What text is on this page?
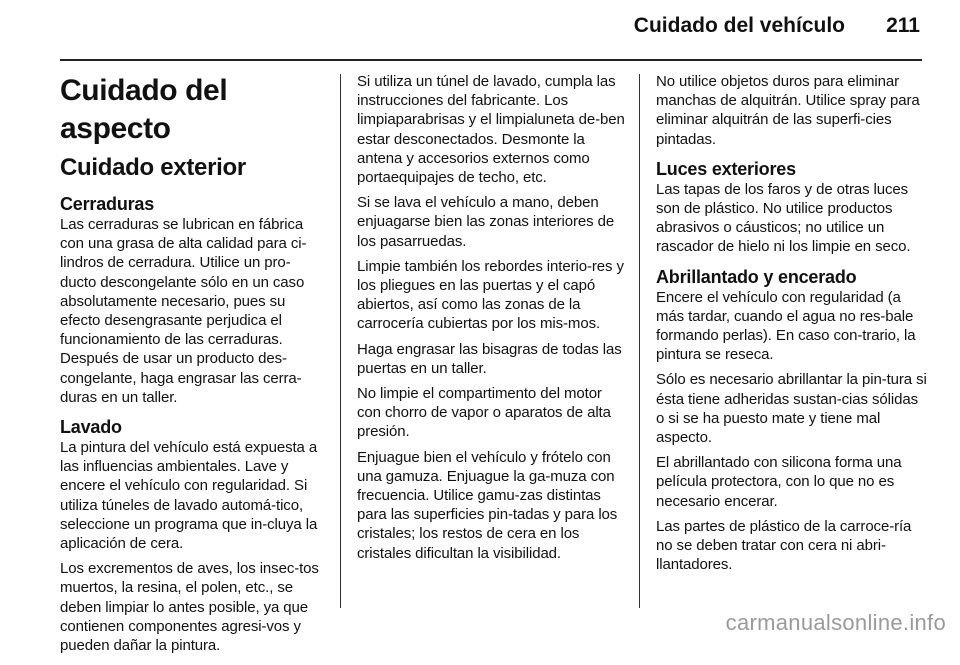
Cuidado del vehículo 211
Cuidado del aspecto
Cuidado exterior
Cerraduras

Las cerraduras se lubrican en fábrica con una grasa de alta calidad para ci-lindros de cerradura. Utilice un pro-ducto descongelante sólo en un caso absolutamente necesario, pues su efecto desengrasante perjudica el funcionamiento de las cerraduras. Después de usar un producto des-congelante, haga engrasar las cerra-duras en un taller.

Lavado

La pintura del vehículo está expuesta a las influencias ambientales. Lave y encere el vehículo con regularidad. Si utiliza túneles de lavado automá-tico, seleccione un programa que in-cluya la aplicación de cera.

Los excrementos de aves, los insec-tos muertos, la resina, el polen, etc., se deben limpiar lo antes posible, ya que contienen componentes agresi-vos y pueden dañar la pintura.

Si utiliza un túnel de lavado, cumpla las instrucciones del fabricante. Los limpiaparabrisas y el limpialuneta de-ben estar desconectados. Desmonte la antena y accesorios externos como portaequipajes de techo, etc.

Si se lava el vehículo a mano, deben enjuagarse bien las zonas interiores de los pasarruedas.

Limpie también los rebordes interio-res y los pliegues en las puertas y el capó abiertos, así como las zonas de la carrocería cubiertas por los mis-mos.

Haga engrasar las bisagras de todas las puertas en un taller.

No limpie el compartimento del motor con chorro de vapor o aparatos de alta presión.

Enjuague bien el vehículo y frótelo con una gamuza. Enjuague la ga-muza con frecuencia. Utilice gamu-zas distintas para las superficies pin-tadas y para los cristales; los restos de cera en los cristales dificultan la visibilidad.

No utilice objetos duros para eliminar manchas de alquitrán. Utilice spray para eliminar alquitrán de las superfi-cies pintadas.

Luces exteriores

Las tapas de los faros y de otras luces son de plástico. No utilice productos abrasivos o cáusticos; no utilice un rascador de hielo ni los limpie en seco.

Abrillantado y encerado

Encere el vehículo con regularidad (a más tardar, cuando el agua no res-bale formando perlas). En caso con-trario, la pintura se reseca.

Sólo es necesario abrillantar la pin-tura si ésta tiene adheridas sustan-cias sólidas o si se ha puesto mate y tiene mal aspecto.

El abrillantado con silicona forma una película protectora, con lo que no es necesario encerar.

Las partes de plástico de la carroce-ría no se deben tratar con cera ni abri-llantadores.

carmanualsonline.info
